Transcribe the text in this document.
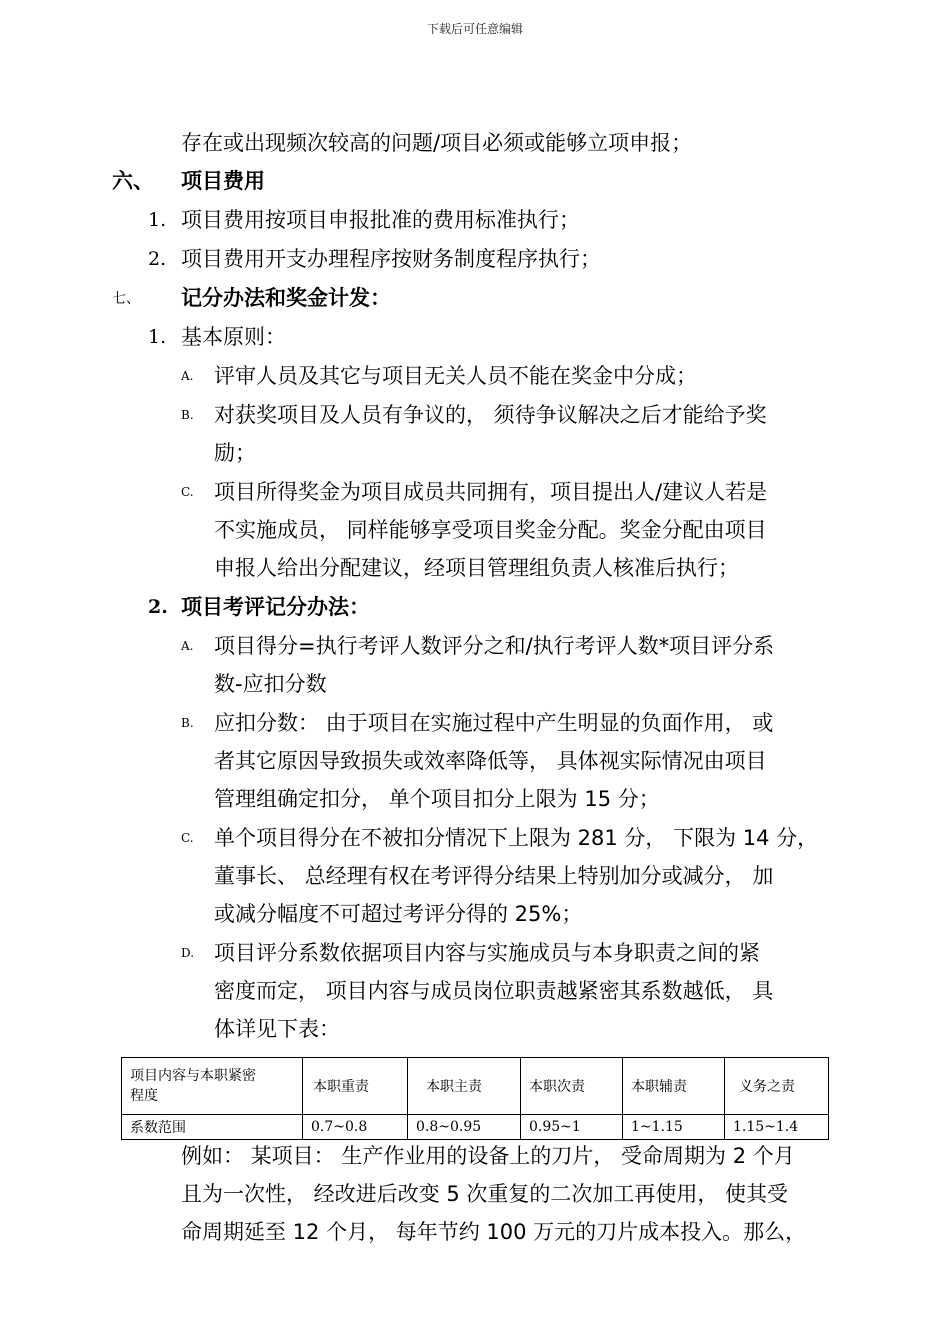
下载后可任意编辑
存在或出现频次较高的问题/项目必须或能够立项申报；
六、 项目费用
1. 项目费用按项目申报批准的费用标准执行；
2. 项目费用开支办理程序按财务制度程序执行；
七、 记分办法和奖金计发：
1. 基本原则：
A. 评审人员及其它与项目无关人员不能在奖金中分成；
B. 对获奖项目及人员有争议的， 须待争议解决之后才能给予奖
励；
C. 项目所得奖金为项目成员共同拥有，项目提出人/建议人若是
不实施成员， 同样能够享受项目奖金分配。奖金分配由项目
申报人给出分配建议，经项目管理组负责人核准后执行；
2. 项目考评记分办法：
A. 项目得分=执行考评人数评分之和/执行考评人数*项目评分系
数-应扣分数
B. 应扣分数： 由于项目在实施过程中产生明显的负面作用， 或
者其它原因导致损失或效率降低等， 具体视实际情况由项目
管理组确定扣分， 单个项目扣分上限为 15 分；
C. 单个项目得分在不被扣分情况下上限为 281 分， 下限为 14 分，
董事长、 总经理有权在考评得分结果上特别加分或减分， 加
或减分幅度不可超过考评分得的 25%；
D. 项目评分系数依据项目内容与实施成员与本身职责之间的紧
密度而定， 项目内容与成员岗位职责越紧密其系数越低， 具
体详见下表：
项目内容与本职紧密
程度	本职重责	本职主责	本职次责	本职辅责	义务之责
系数范围	0.7~0.8	0.8~0.95	0.95~1	1~1.15	1.15~1.4
例如： 某项目： 生产作业用的设备上的刀片， 受命周期为 2 个月
且为一次性， 经改进后改变 5 次重复的二次加工再使用， 使其受
命周期延至 12 个月， 每年节约 100 万元的刀片成本投入。那么，
